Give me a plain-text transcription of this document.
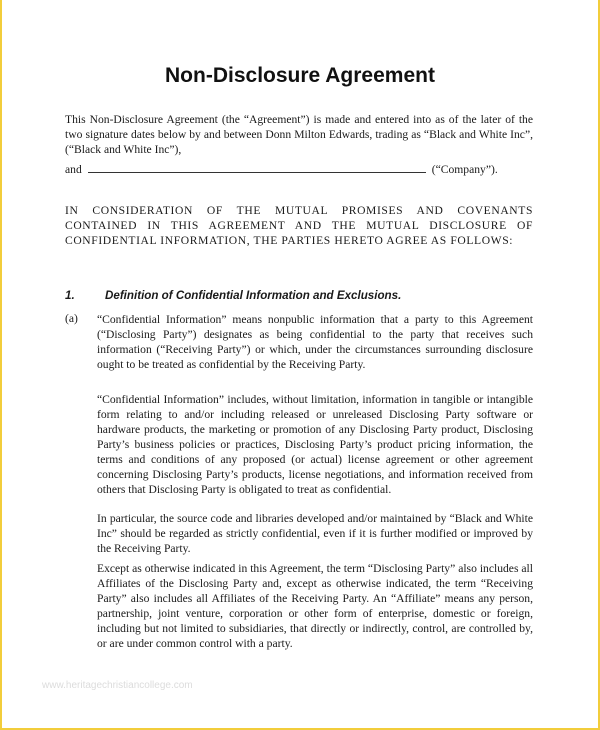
Non-Disclosure Agreement
This Non-Disclosure Agreement (the “Agreement”) is made and entered into as of the later of the two signature dates below by and between Donn Milton Edwards, trading as “Black and White Inc”, (“Black and White Inc”),
and	(“Company”).
IN CONSIDERATION OF THE MUTUAL PROMISES AND COVENANTS CONTAINED IN THIS AGREEMENT AND THE MUTUAL DISCLOSURE OF CONFIDENTIAL INFORMATION, THE PARTIES HERETO AGREE AS FOLLOWS:
1.	Definition of Confidential Information and Exclusions.
(a) “Confidential Information” means nonpublic information that a party to this Agreement (“Disclosing Party”) designates as being confidential to the party that receives such information (“Receiving Party”) or which, under the circumstances surrounding disclosure ought to be treated as confidential by the Receiving Party.
“Confidential Information” includes, without limitation, information in tangible or intangible form relating to and/or including released or unreleased Disclosing Party software or hardware products, the marketing or promotion of any Disclosing Party product, Disclosing Party’s business policies or practices, Disclosing Party’s product pricing information, the terms and conditions of any proposed (or actual) license agreement or other agreement concerning Disclosing Party’s products, license negotiations, and information received from others that Disclosing Party is obligated to treat as confidential.
In particular, the source code and libraries developed and/or maintained by “Black and White Inc” should be regarded as strictly confidential, even if it is further modified or improved by the Receiving Party.
Except as otherwise indicated in this Agreement, the term “Disclosing Party” also includes all Affiliates of the Disclosing Party and, except as otherwise indicated, the term “Receiving Party” also includes all Affiliates of the Receiving Party. An “Affiliate” means any person, partnership, joint venture, corporation or other form of enterprise, domestic or foreign, including but not limited to subsidiaries, that directly or indirectly, control, are controlled by, or are under common control with a party.
www.heritagechristiancollege.com
